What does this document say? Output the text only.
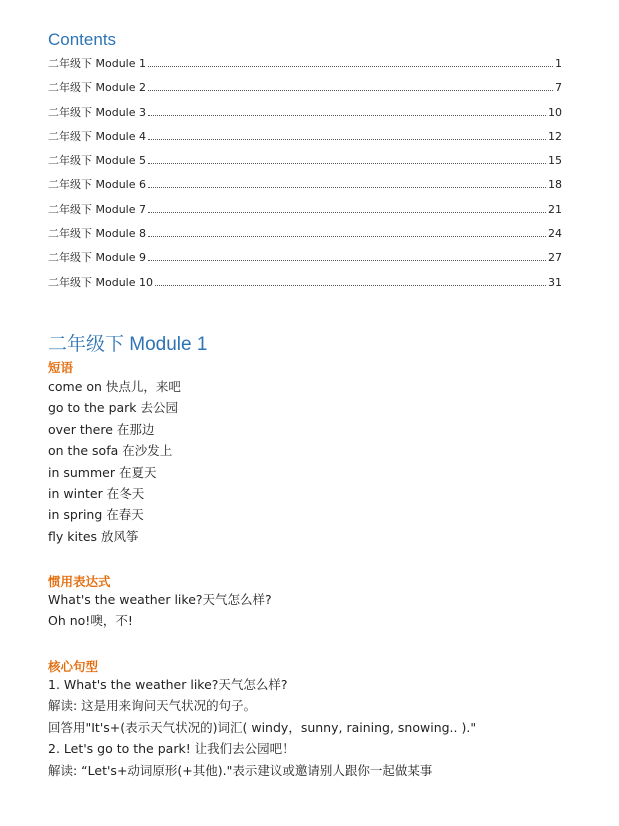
Contents
二年级下 Module 1	1
二年级下 Module 2	7
二年级下 Module 3	10
二年级下 Module 4	12
二年级下 Module 5	15
二年级下 Module 6	18
二年级下 Module 7	21
二年级下 Module 8	24
二年级下 Module 9	27
二年级下 Module 10	31
二年级下 Module 1
短语
come on 快点儿，来吧
go to the park 去公园
over there 在那边
on the sofa 在沙发上
in summer 在夏天
in winter 在冬天
in spring 在春天
fly kites 放风筝
惯用表达式
What's the weather like?天气怎么样?
Oh no!噢，不!
核心句型
1. What's the weather like?天气怎么样?
解读: 这是用来询问天气状况的句子。
回答用"It's+(表示天气状况的)词汇( windy，sunny, raining, snowing.. )."
2. Let's go to the park! 让我们去公园吧！
解读: “Let's+动词原形(+其他)."表示建议或邀请别人跟你一起做某事
